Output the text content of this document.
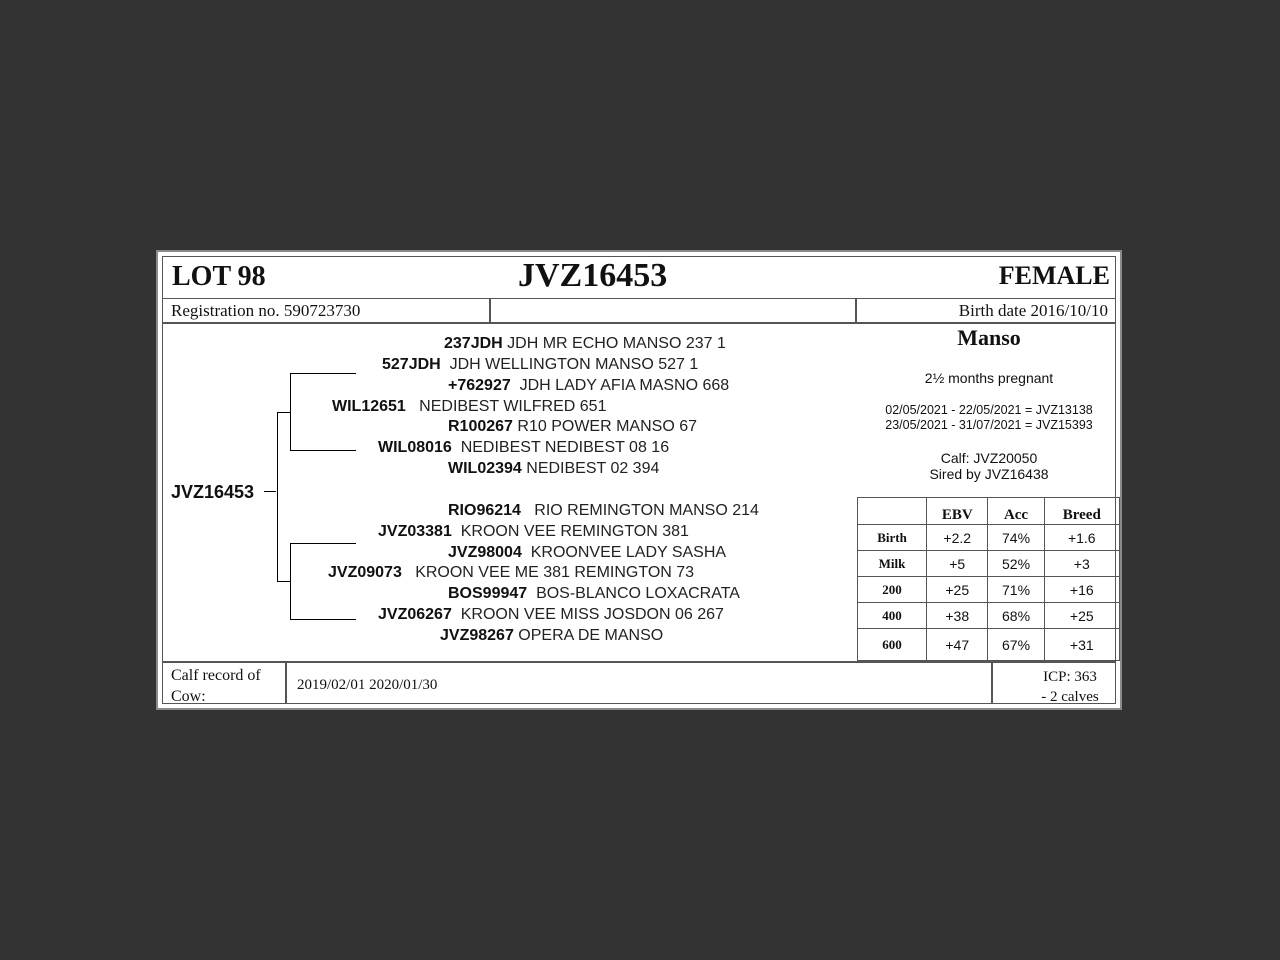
LOT 98	JVZ16453	FEMALE
Registration no. 590723730	Birth date 2016/10/10
JVZ16453
237JDH JDH MR ECHO MANSO 237 1
527JDH JDH WELLINGTON MANSO 527 1
+762927 JDH LADY AFIA MASNO 668
WIL12651 NEDIBEST WILFRED 651
R100267 R10 POWER MANSO 67
WIL08016 NEDIBEST NEDIBEST 08 16
WIL02394 NEDIBEST 02 394
RIO96214 RIO REMINGTON MANSO 214
JVZ03381 KROON VEE REMINGTON 381
JVZ98004 KROONVEE LADY SASHA
JVZ09073 KROON VEE ME 381 REMINGTON 73
BOS99947 BOS-BLANCO LOXACRATA
JVZ06267 KROON VEE MISS JOSDON 06 267
JVZ98267 OPERA DE MANSO
Manso
2½ months pregnant
02/05/2021 - 22/05/2021 = JVZ13138
23/05/2021 - 31/07/2021 = JVZ15393
Calf: JVZ20050
Sired by JVZ16438
	EBV	Acc	Breed
Birth	+2.2	74%	+1.6
Milk	+5	52%	+3
200	+25	71%	+16
400	+38	68%	+25
600	+47	67%	+31
Calf record of Cow:
2019/02/01 2020/01/30	ICP: 363
- 2 calves
